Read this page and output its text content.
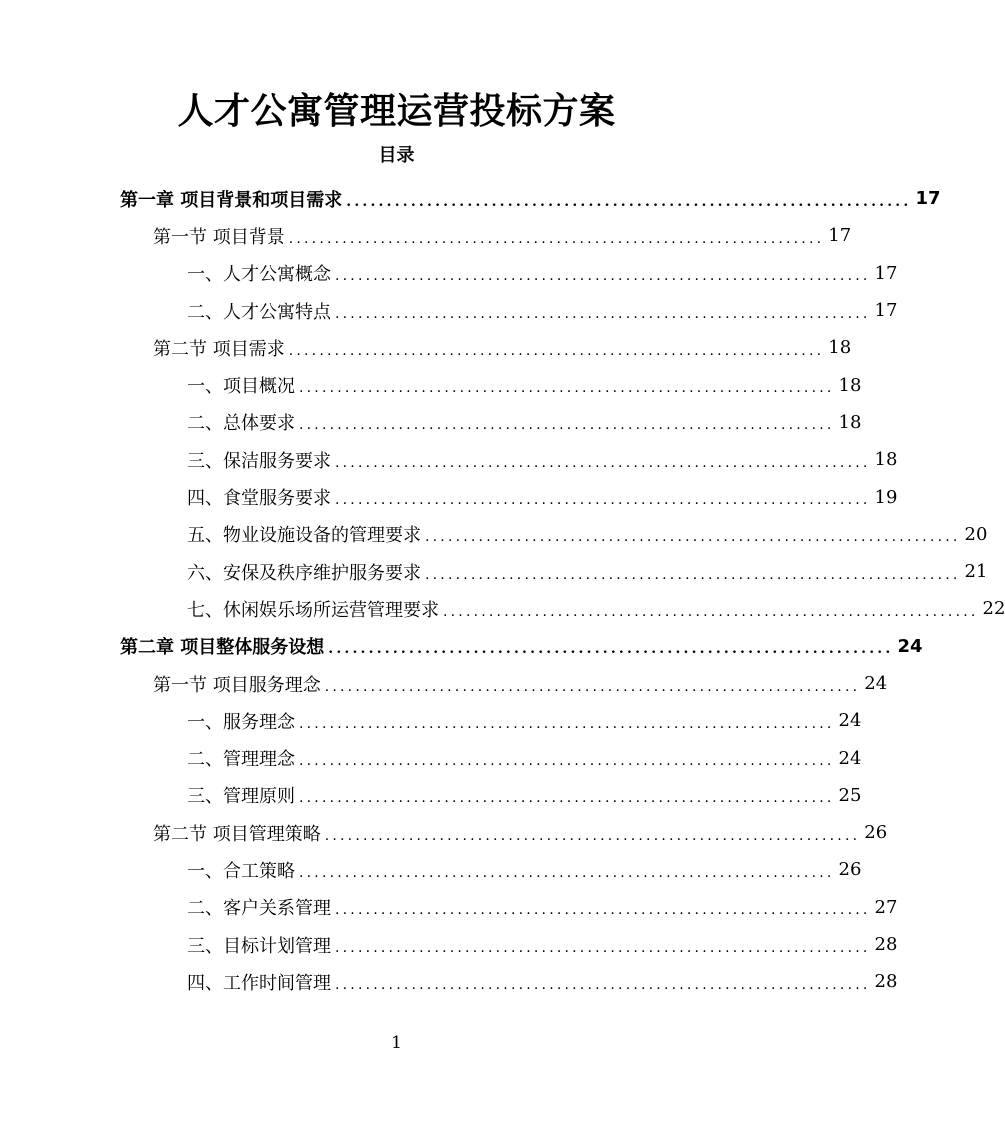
人才公寓管理运营投标方案
目录
第一章 项目背景和项目需求 ...................................................................... 17
第一节 项目背景 ...................................................................... 17
一、人才公寓概念 ...................................................................... 17
二、人才公寓特点 ...................................................................... 17
第二节 项目需求 ...................................................................... 18
一、项目概况 ...................................................................... 18
二、总体要求 ...................................................................... 18
三、保洁服务要求 ...................................................................... 18
四、食堂服务要求 ...................................................................... 19
五、物业设施设备的管理要求 ...................................................................... 20
六、安保及秩序维护服务要求 ...................................................................... 21
七、休闲娱乐场所运营管理要求 ...................................................................... 22
第二章 项目整体服务设想 ...................................................................... 24
第一节 项目服务理念 ...................................................................... 24
一、服务理念 ...................................................................... 24
二、管理理念 ...................................................................... 24
三、管理原则 ...................................................................... 25
第二节 项目管理策略 ...................................................................... 26
一、合工策略 ...................................................................... 26
二、客户关系管理 ...................................................................... 27
三、目标计划管理 ...................................................................... 28
四、工作时间管理 ...................................................................... 28
1
